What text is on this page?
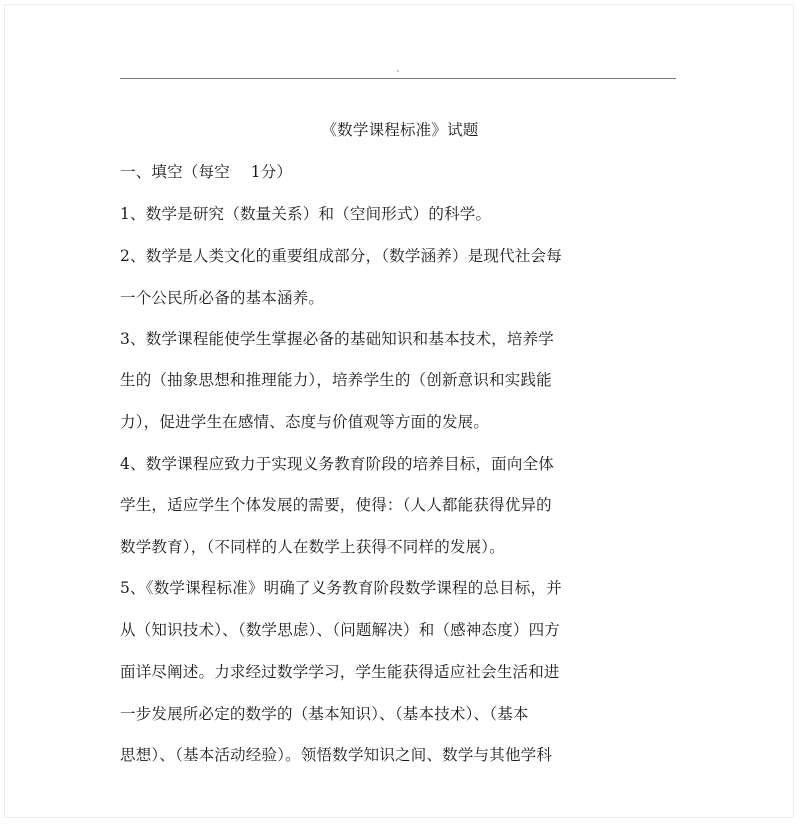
《数学课程标准》试题
一、填空（每空　 1分）
1、数学是研究（数量关系）和（空间形式）的科学。
2、数学是人类文化的重要组成部分，（数学涵养）是现代社会每
一个公民所必备的基本涵养。
3、数学课程能使学生掌握必备的基础知识和基本技术，培养学
生的（抽象思想和推理能力），培养学生的（创新意识和实践能
力），促进学生在感情、态度与价值观等方面的发展。
4、数学课程应致力于实现义务教育阶段的培养目标，面向全体
学生，适应学生个体发展的需要，使得：（人人都能获得优异的
数学教育），（不同样的人在数学上获得不同样的发展）。
5、《数学课程标准》明确了义务教育阶段数学课程的总目标，并
从（知识技术）、（数学思虑）、（问题解决）和（感神态度）四方
面详尽阐述。力求经过数学学习，学生能获得适应社会生活和进
一步发展所必定的数学的（基本知识）、（基本技术）、（基本
思想）、（基本活动经验）。领悟数学知识之间、数学与其他学科
